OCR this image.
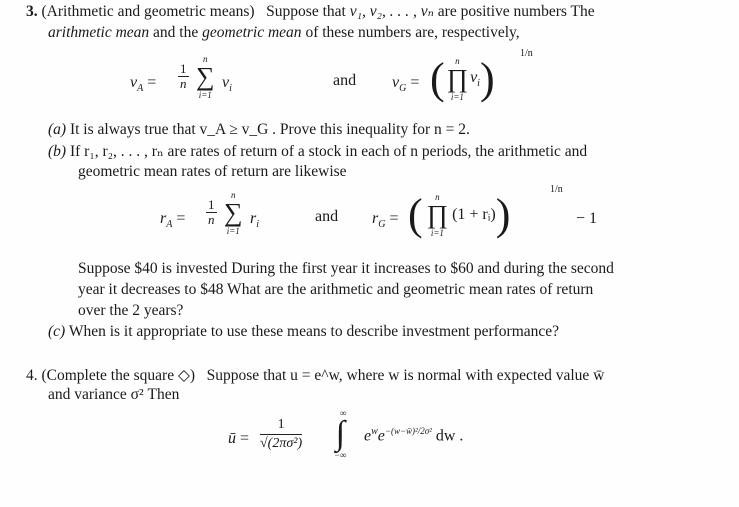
3. (Arithmetic and geometric means) Suppose that v₁, v₂, . . . , vₙ are positive numbers The
arithmetic mean and the geometric mean of these numbers are, respectively,
$v_A = \frac{1}{n}$
n
∑
i=1
$v_i$	and $v_G$ = (	n
∏
i=1
$v_i$)
1/n
(a) It is always true that v_A ≥ v_G . Prove this inequality for n = 2.
(b) If r₁, r₂, . . . , rₙ are rates of return of a stock in each of n periods, the arithmetic and
geometric mean rates of return are likewise
$r_A = \frac{1}{n}$
n
∑
i=1
$r_i$	and $r_G$ = (	n
∏
i=1
(1 + rᵢ))
1/n
− 1
Suppose $40 is invested During the first year it increases to $60 and during the second
year it decreases to $48 What are the arithmetic and geometric mean rates of return
over the 2 years?
(c) When is it appropriate to use these means to describe investment performance?
4. (Complete the square ◇) Suppose that u = e^w, where w is normal with expected value w̄
and variance σ² Then
ū = $\frac{1}{\text{√(2πσ²)}}$
∞
∫
−∞
$e^we^{-(w-w̄)^2/2\sigma^2}$ dw .
